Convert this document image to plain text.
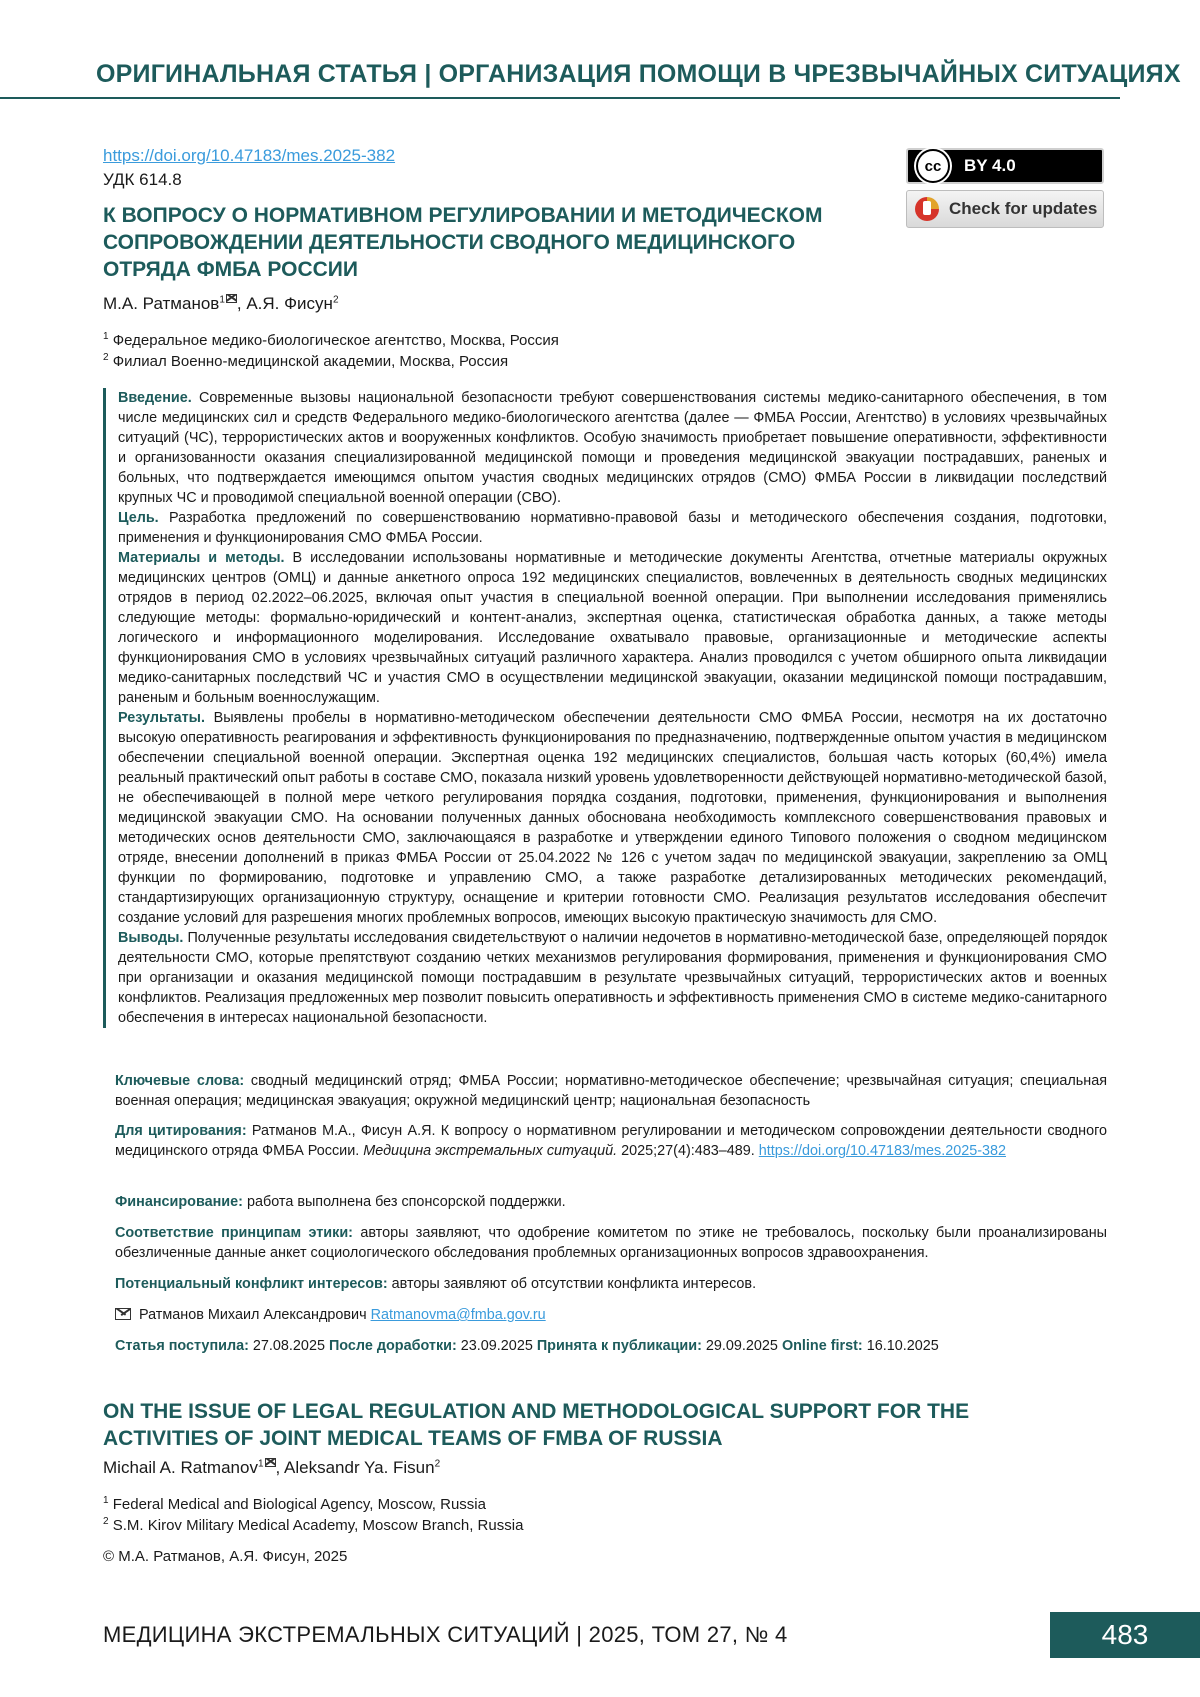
ОРИГИНАЛЬНАЯ СТАТЬЯ | ОРГАНИЗАЦИЯ ПОМОЩИ В ЧРЕЗВЫЧАЙНЫХ СИТУАЦИЯХ
https://doi.org/10.47183/mes.2025-382
УДК 614.8
cc	BY 4.0
Check for updates
К ВОПРОСУ О НОРМАТИВНОМ РЕГУЛИРОВАНИИ И МЕТОДИЧЕСКОМ СОПРОВОЖДЕНИИ ДЕЯТЕЛЬНОСТИ СВОДНОГО МЕДИЦИНСКОГО ОТРЯДА ФМБА РОССИИ
М.А. Ратманов$^1$ , А.Я. Фисун$^2$
$^1$ Федеральное медико-биологическое агентство, Москва, Россия
$^2$ Филиал Военно-медицинской академии, Москва, Россия

Введение. Современные вызовы национальной безопасности требуют совершенствования системы медико-санитарного обеспечения, в том числе медицинских сил и средств Федерального медико-биологического агентства (далее — ФМБА России, Агентство) в условиях чрезвычайных ситуаций (ЧС), террористических актов и вооруженных конфликтов. Особую значимость приобретает повышение оперативности, эффективности и организованности оказания специализированной медицинской помощи и проведения медицинской эвакуации пострадавших, раненых и больных, что подтверждается имеющимся опытом участия сводных медицинских отрядов (СМО) ФМБА России в ликвидации последствий крупных ЧС и проводимой специальной военной операции (СВО).

Цель. Разработка предложений по совершенствованию нормативно-правовой базы и методического обеспечения создания, подготовки, применения и функционирования СМО ФМБА России.

Материалы и методы. В исследовании использованы нормативные и методические документы Агентства, отчетные материалы окружных медицинских центров (ОМЦ) и данные анкетного опроса 192 медицинских специалистов, вовлеченных в деятельность сводных медицинских отрядов в период 02.2022–06.2025, включая опыт участия в специальной военной операции. При выполнении исследования применялись следующие методы: формально-юридический и контент-анализ, экспертная оценка, статистическая обработка данных, а также методы логического и информационного моделирования. Исследование охватывало правовые, организационные и методические аспекты функционирования СМО в условиях чрезвычайных ситуаций различного характера. Анализ проводился с учетом обширного опыта ликвидации медико-санитарных последствий ЧС и участия СМО в осуществлении медицинской эвакуации, оказании медицинской помощи пострадавшим, раненым и больным военнослужащим.

Результаты. Выявлены пробелы в нормативно-методическом обеспечении деятельности СМО ФМБА России, несмотря на их достаточно высокую оперативность реагирования и эффективность функционирования по предназначению, подтвержденные опытом участия в медицинском обеспечении специальной военной операции. Экспертная оценка 192 медицинских специалистов, большая часть которых (60,4%) имела реальный практический опыт работы в составе СМО, показала низкий уровень удовлетворенности действующей нормативно-методической базой, не обеспечивающей в полной мере четкого регулирования порядка создания, подготовки, применения, функционирования и выполнения медицинской эвакуации СМО. На основании полученных данных обоснована необходимость комплексного совершенствования правовых и методических основ деятельности СМО, заключающаяся в разработке и утверждении единого Типового положения о сводном медицинском отряде, внесении дополнений в приказ ФМБА России от 25.04.2022 № 126 с учетом задач по медицинской эвакуации, закреплению за ОМЦ функции по формированию, подготовке и управлению СМО, а также разработке детализированных методических рекомендаций, стандартизирующих организационную структуру, оснащение и критерии готовности СМО. Реализация результатов исследования обеспечит создание условий для разрешения многих проблемных вопросов, имеющих высокую практическую значимость для СМО.

Выводы. Полученные результаты исследования свидетельствуют о наличии недочетов в нормативно-методической базе, определяющей порядок деятельности СМО, которые препятствуют созданию четких механизмов регулирования формирования, применения и функционирования СМО при организации и оказания медицинской помощи пострадавшим в результате чрезвычайных ситуаций, террористических актов и военных конфликтов. Реализация предложенных мер позволит повысить оперативность и эффективность применения СМО в системе медико-санитарного обеспечения в интересах национальной безопасности.

Ключевые слова: сводный медицинский отряд; ФМБА России; нормативно-методическое обеспечение; чрезвычайная ситуация; специальная военная операция; медицинская эвакуация; окружной медицинский центр; национальная безопасность
Для цитирования: Ратманов М.А., Фисун А.Я. К вопросу о нормативном регулировании и методическом сопровождении деятельности сводного медицинского отряда ФМБА России. Медицина экстремальных ситуаций. 2025;27(4):483–489. https://doi.org/10.47183/mes.2025-382
Финансирование: работа выполнена без спонсорской поддержки.
Соответствие принципам этики: авторы заявляют, что одобрение комитетом по этике не требовалось, поскольку были проанализированы обезличенные данные анкет социологического обследования проблемных организационных вопросов здравоохранения.
Потенциальный конфликт интересов: авторы заявляют об отсутствии конфликта интересов.
Ратманов Михаил Александрович Ratmanovma@fmba.gov.ru
Статья поступила: 27.08.2025 После доработки: 23.09.2025 Принята к публикации: 29.09.2025 Online first: 16.10.2025
ON THE ISSUE OF LEGAL REGULATION AND METHODOLOGICAL SUPPORT FOR THE ACTIVITIES OF JOINT MEDICAL TEAMS OF FMBA OF RUSSIA
Michail A. Ratmanov$^1$ , Aleksandr Ya. Fisun$^2$
$^1$ Federal Medical and Biological Agency, Moscow, Russia
$^2$ S.M. Kirov Military Medical Academy, Moscow Branch, Russia
© М.А. Ратманов, А.Я. Фисун, 2025
МЕДИЦИНА ЭКСТРЕМАЛЬНЫХ СИТУАЦИЙ | 2025, ТОМ 27, № 4	483
